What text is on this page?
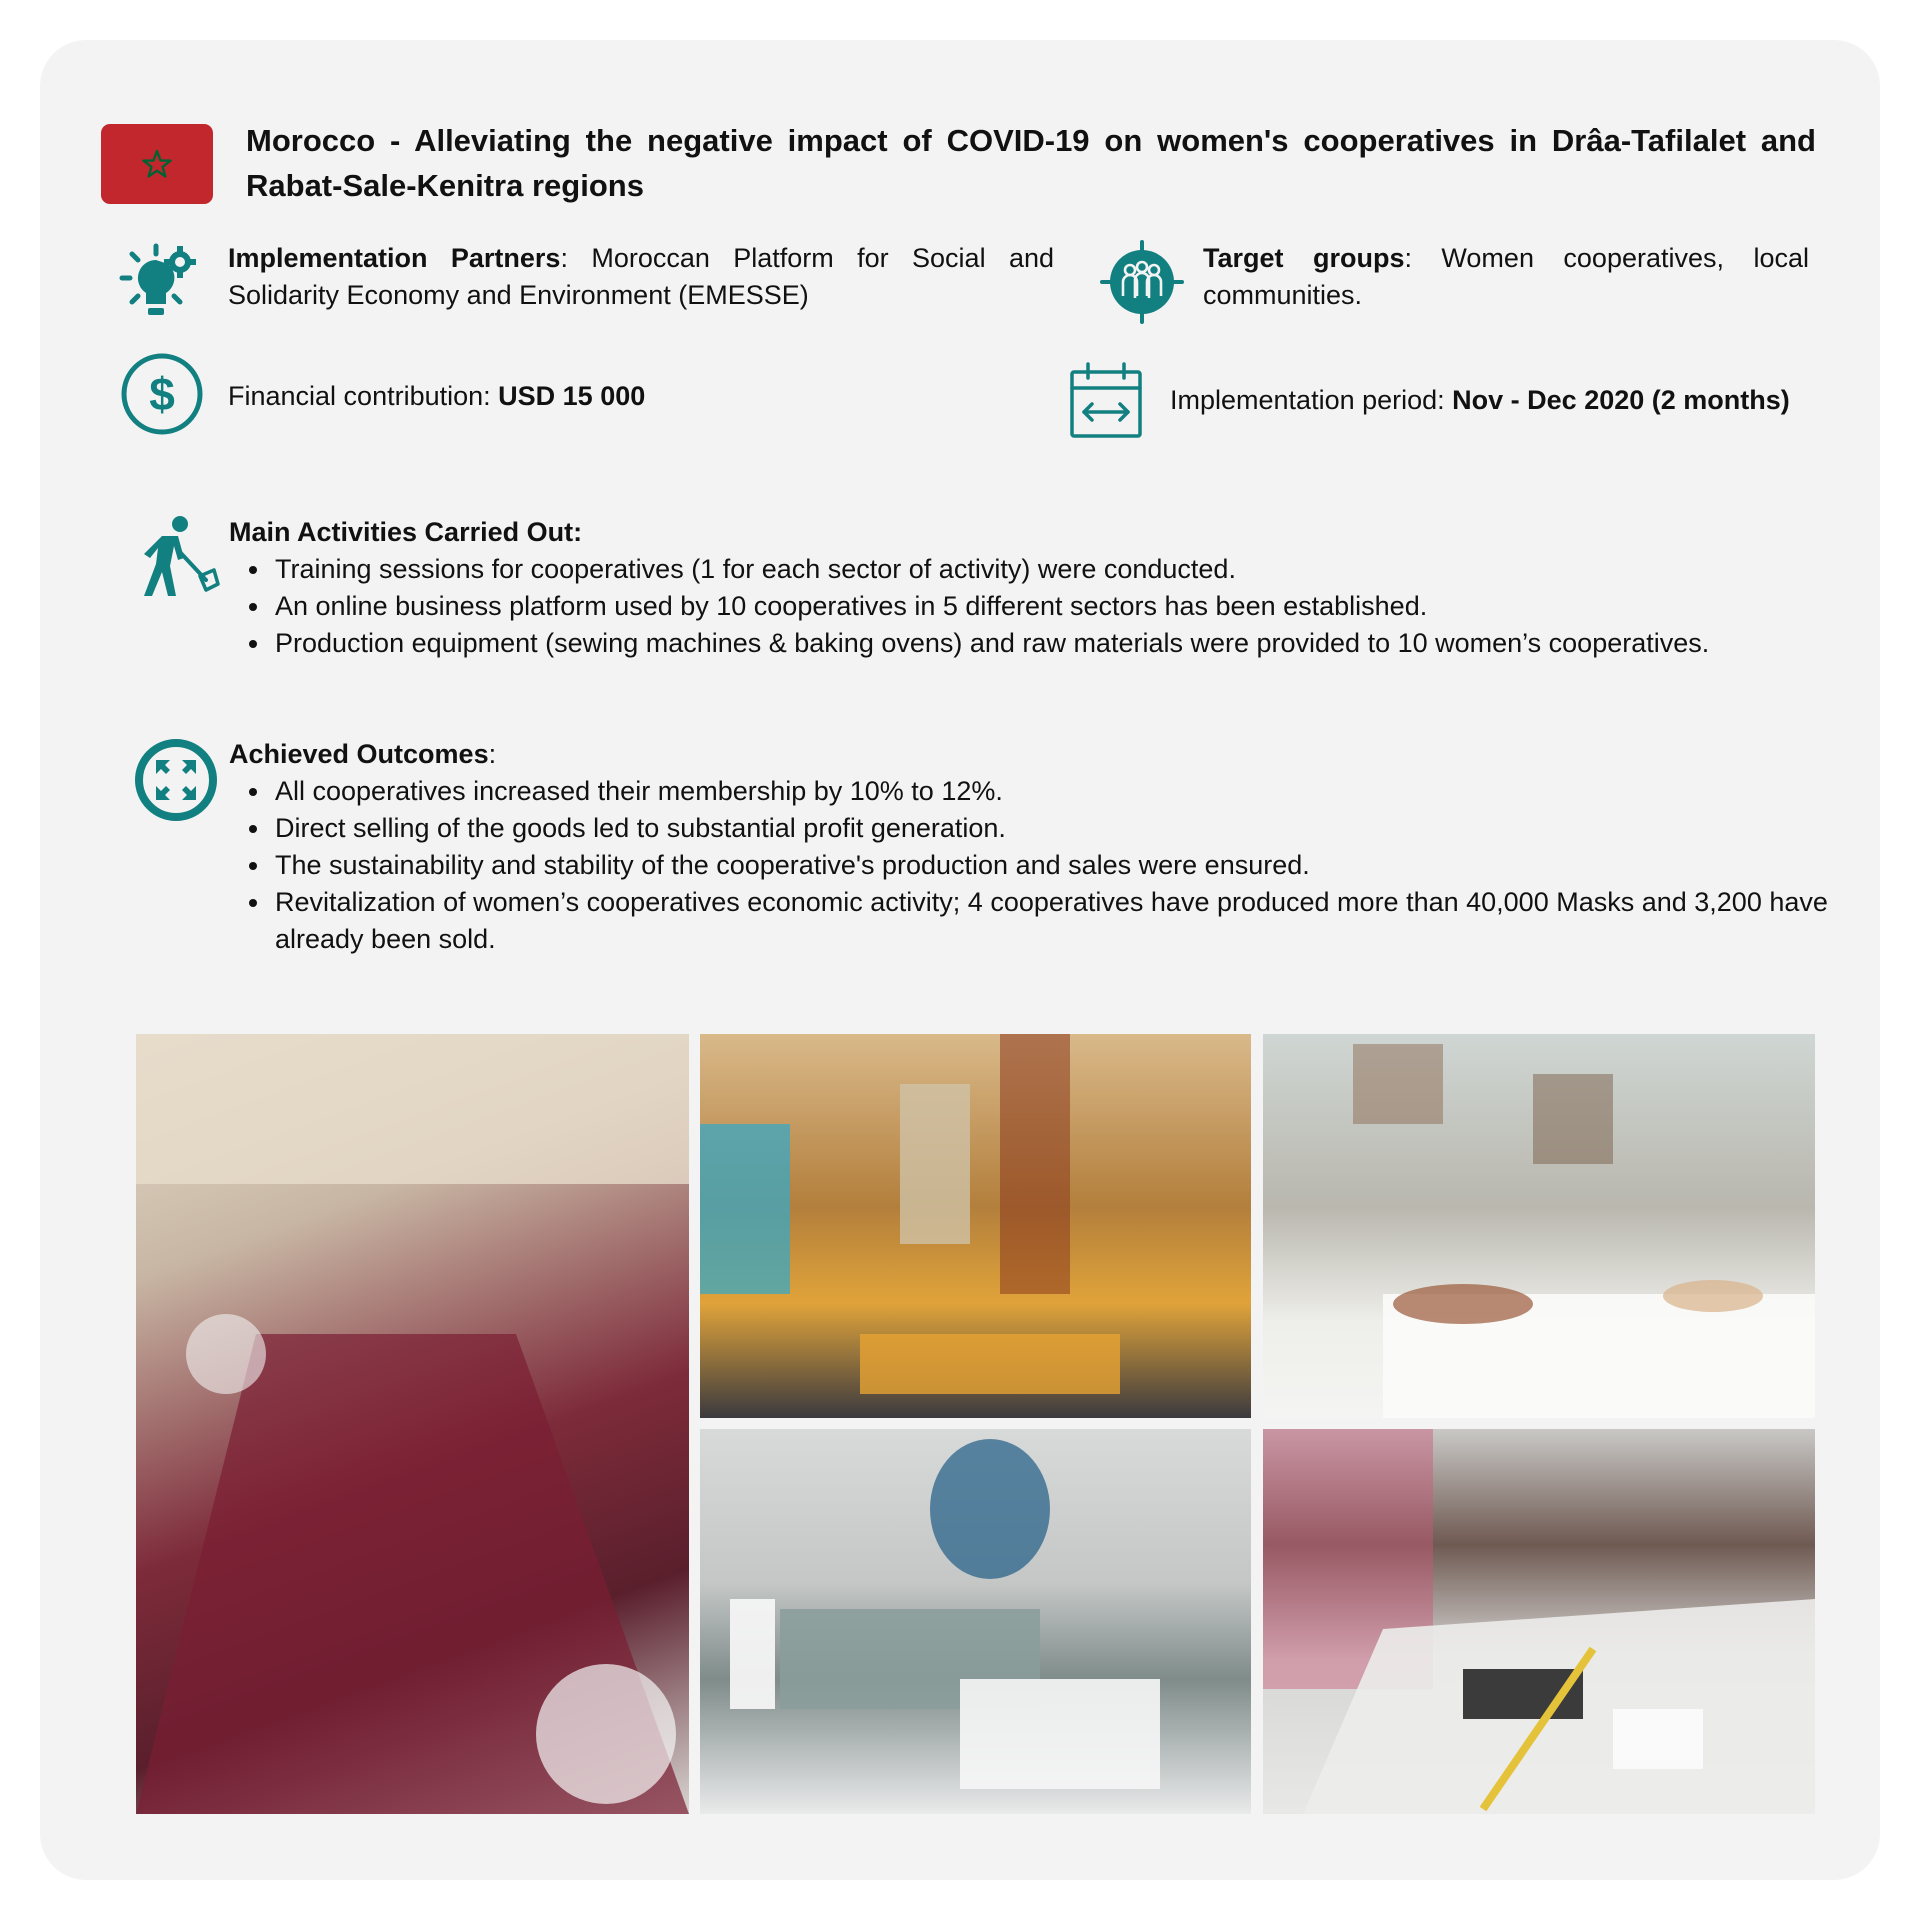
Morocco - Alleviating the negative impact of COVID-19 on women's cooperatives in Drâa-Tafilalet and Rabat-Sale-Kenitra regions
Implementation Partners: Moroccan Platform for Social and Solidarity Economy and Environment (EMESSE)
Target groups: Women cooperatives, local communities.
$ Financial contribution: USD 15 000	Implementation period: Nov - Dec 2020 (2 months)
Main Activities Carried Out:
Training sessions for cooperatives (1 for each sector of activity) were conducted.
An online business platform used by 10 cooperatives in 5 different sectors has been established.
Production equipment (sewing machines & baking ovens) and raw materials were provided to 10 women’s cooperatives.
Achieved Outcomes:
All cooperatives increased their membership by 10% to 12%.
Direct selling of the goods led to substantial profit generation.
The sustainability and stability of the cooperative's production and sales were ensured.
Revitalization of women’s cooperatives economic activity; 4 cooperatives have produced more than 40,000 Masks and 3,200 have already been sold.
